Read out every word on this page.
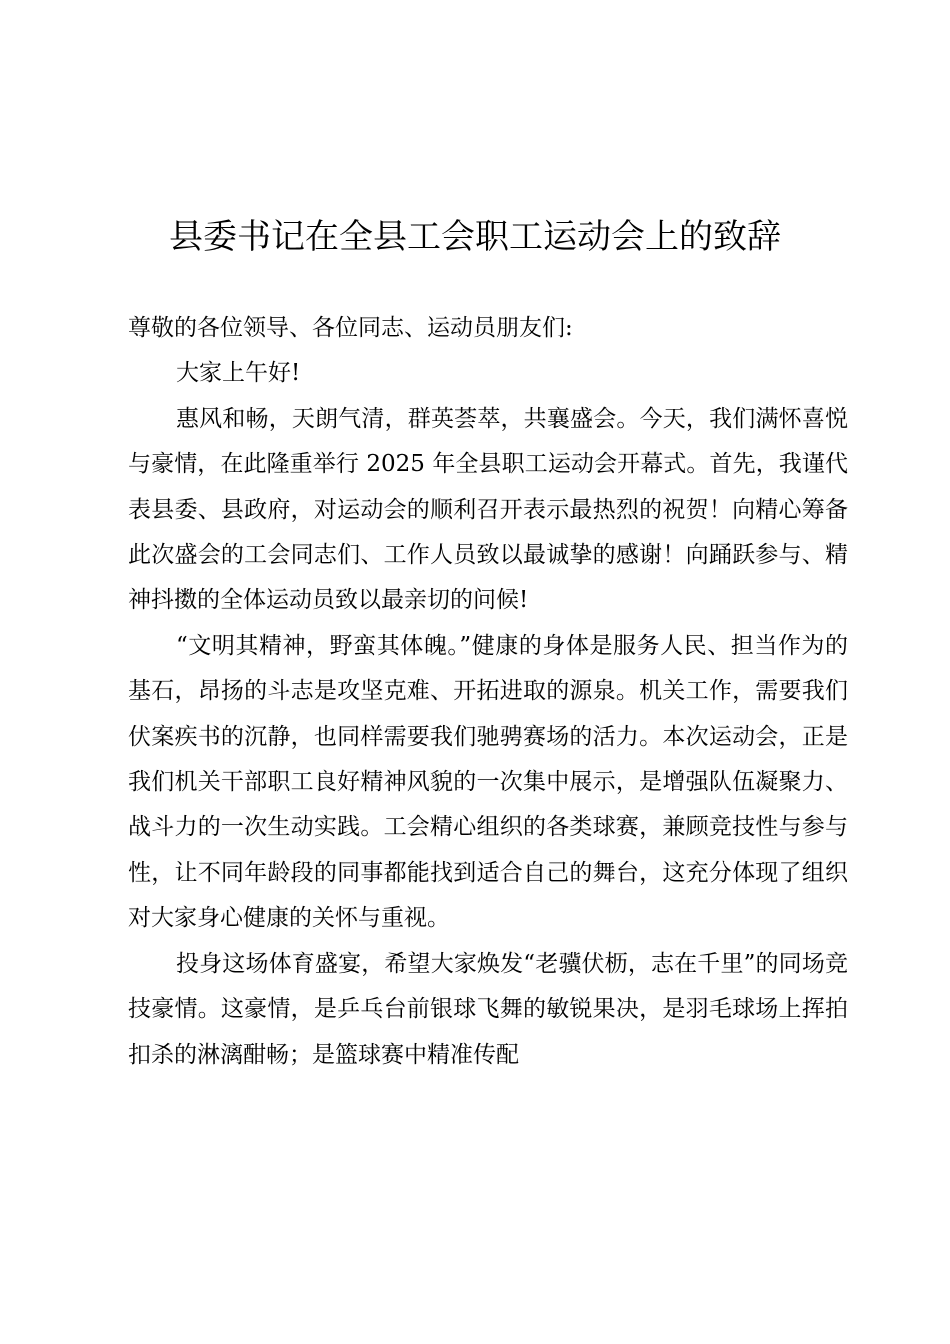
县委书记在全县工会职工运动会上的致辞

尊敬的各位领导、各位同志、运动员朋友们:

大家上午好!

惠风和畅，天朗气清，群英荟萃，共襄盛会。今天，我们满怀喜悦与豪情，在此隆重举行 2025 年全县职工运动会开幕式。首先，我谨代表县委、县政府，对运动会的顺利召开表示最热烈的祝贺！向精心筹备此次盛会的工会同志们、工作人员致以最诚挚的感谢！向踊跃参与、精神抖擞的全体运动员致以最亲切的问候!

“文明其精神，野蛮其体魄。”健康的身体是服务人民、担当作为的基石，昂扬的斗志是攻坚克难、开拓进取的源泉。机关工作，需要我们伏案疾书的沉静，也同样需要我们驰骋赛场的活力。本次运动会，正是我们机关干部职工良好精神风貌的一次集中展示，是增强队伍凝聚力、战斗力的一次生动实践。工会精心组织的各类球赛，兼顾竞技性与参与性，让不同年龄段的同事都能找到适合自己的舞台，这充分体现了组织对大家身心健康的关怀与重视。

投身这场体育盛宴，希望大家焕发“老骥伏枥，志在千里”的同场竞技豪情。这豪情，是乒乓台前银球飞舞的敏锐果决，是羽毛球场上挥拍扣杀的淋漓酣畅；是篮球赛中精准传配
